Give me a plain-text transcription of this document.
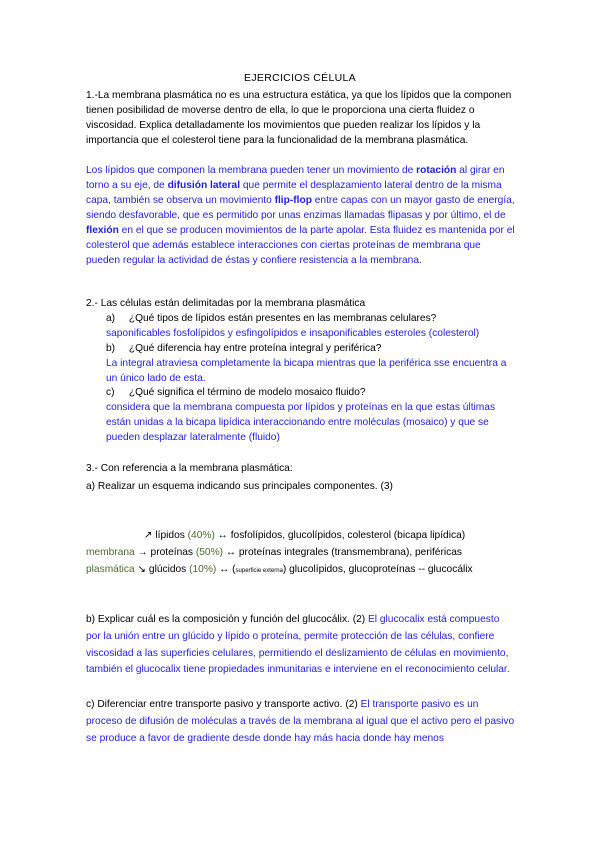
EJERCICIOS CÉLULA
1.-La membrana plasmática no es una estructura estática, ya que los lípidos que la componen tienen posibilidad de moverse dentro de ella, lo que le proporciona una cierta fluidez o viscosidad. Explica detalladamente los movimientos que pueden realizar los lípidos y la importancia que el colesterol tiene para la funcionalidad de la membrana plasmática.
Los lípidos que componen la membrana pueden tener un movimiento de rotación al girar en torno a su eje, de difusión lateral que permite el desplazamiento lateral dentro de la misma capa, también se observa un movimiento flip-flop entre capas con un mayor gasto de energía, siendo desfavorable, que es permitido por unas enzimas llamadas flipasas y por último, el de flexión en el que se producen movimientos de la parte apolar. Esta fluidez es mantenida por el colesterol que además establece interacciones con ciertas proteínas de membrana que pueden regular la actividad de éstas y confiere resistencia a la membrana.
2.- Las células están delimitadas por la membrana plasmática
a) ¿Qué tipos de lípidos están presentes en las membranas celulares?
saponificables fosfolípidos y esfingolípidos e insaponificables esteroles (colesterol)
b) ¿Qué diferencia hay entre proteína integral y periférica?
La integral atraviesa completamente la bicapa mientras que la periférica sse encuentra a un único lado de esta.
c) ¿Qué significa el término de modelo mosaico fluido?
considera que la membrana compuesta por lípidos y proteínas en la que estas últimas están unidas a la bicapa lipídica interaccionando entre moléculas (mosaico) y que se pueden desplazar lateralmente (fluido)
3.- Con referencia a la membrana plasmática:
a) Realizar un esquema indicando sus principales componentes. (3)
↗ lípidos (40%) ↔ fosfolípidos, glucolípidos, colesterol (bicapa lipídica)
membrana → proteínas (50%) ↔ proteínas integrales (transmembrana), periféricas
plasmática ↘ glúcidos (10%) ↔ (superficie externa) glucolípidos, glucoproteínas -- glucocálix
b) Explicar cuál es la composición y función del glucocálix. (2) El glucocalix está compuesto por la unión entre un glúcido y lípido o proteína, permite protección de las células, confiere viscosidad a las superficies celulares, permitiendo el deslizamiento de células en movimiento, también el glucocalix tiene propiedades inmunitarias e interviene en el reconocimiento celular.
c) Diferenciar entre transporte pasivo y transporte activo. (2) El transporte pasivo es un proceso de difusión de moléculas a través de la membrana al igual que el activo pero el pasivo se produce a favor de gradiente desde donde hay más hacia donde hay menos
